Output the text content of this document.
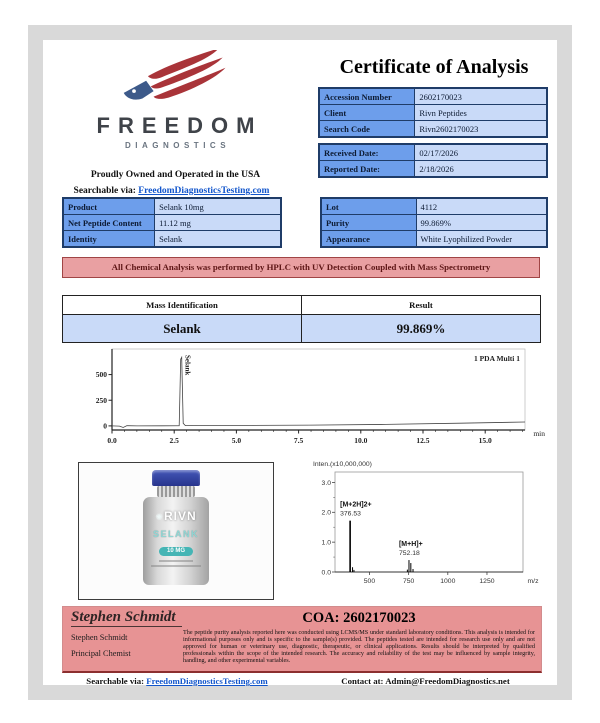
FREEDOM
DIAGNOSTICS
Proudly Owned and Operated in the USA
Searchable via: FreedomDiagnosticsTesting.com
Certificate of Analysis
Accession Number	2602170023
Client	Rivn Peptides
Search Code	Rivn2602170023
Received Date:	02/17/2026
Reported Date:	2/18/2026
Product	Selank 10mg
Net Peptide Content	11.12 mg
Identity	Selank
Lot	4112
Purity	99.869%
Appearance	White Lyophilized Powder
All Chemical Analysis was performed by HPLC with UV Detection Coupled with Mass Spectrometry
Mass Identification	Result
Selank	99.869%
0
250
500
0.0	2.5	5.0	7.5	10.0	12.5	15.0
min
1 PDA Multi 1
Selank
✺RIVN
SELANK
10 MG
Inten.(x10,000,000)
0.0
1.0
2.0
3.0
500	750	1000	1250	m/z
[M+2H]2+
376.53
[M+H]+
752.18
Stephen Schmidt
Stephen Schmidt
Principal Chemist
COA: 2602170023
The peptide purity analysis reported here was conducted using LCMS/MS under standard laboratory conditions. This analysis is intended for informational purposes only and is specific to the sample(s) provided. The peptides tested are intended for research use only and are not approved for human or veterinary use, diagnostic, therapeutic, or clinical applications. Results should be interpreted by qualified professionals within the scope of the intended research. The accuracy and reliability of the test may be influenced by sample integrity, handling, and other experimental variables.
Searchable via: FreedomDiagnosticsTesting.com	Contact at: Admin@FreedomDiagnostics.net
